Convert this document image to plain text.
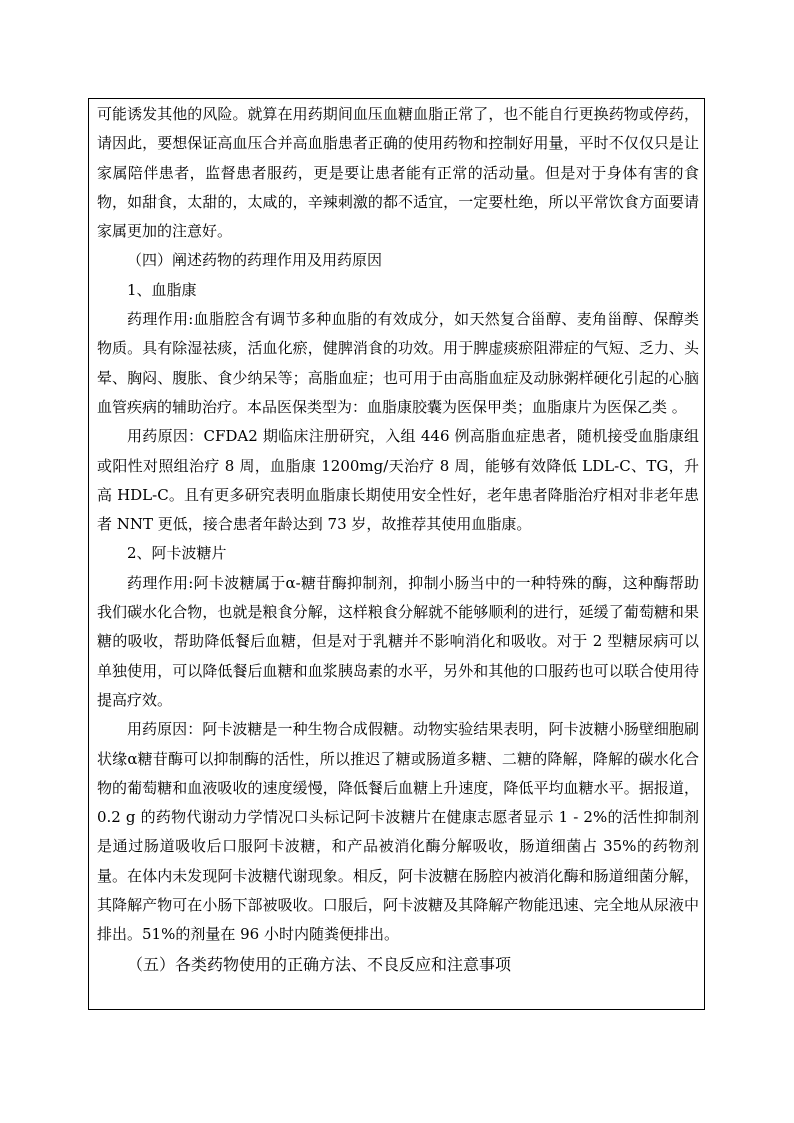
可能诱发其他的风险。就算在用药期间血压血糖血脂正常了，也不能自行更换药物或停药，请因此，要想保证高血压合并高血脂患者正确的使用药物和控制好用量，平时不仅仅只是让家属陪伴患者，监督患者服药，更是要让患者能有正常的活动量。但是对于身体有害的食物，如甜食，太甜的，太咸的，辛辣刺激的都不适宜，一定要杜绝，所以平常饮食方面要请家属更加的注意好。

（四）阐述药物的药理作用及用药原因

1、血脂康

药理作用:血脂腔含有调节多种血脂的有效成分，如天然复合甾醇、麦角甾醇、保醇类物质。具有除湿祛痰，活血化瘀，健脾消食的功效。用于脾虚痰瘀阻滞症的气短、乏力、头晕、胸闷、腹胀、食少纳呆等；高脂血症；也可用于由高脂血症及动脉粥样硬化引起的心脑血管疾病的辅助治疗。本品医保类型为：血脂康胶囊为医保甲类；血脂康片为医保乙类 。

用药原因：CFDA2 期临床注册研究，入组 446 例高脂血症患者，随机接受血脂康组或阳性对照组治疗 8 周，血脂康 1200mg/天治疗 8 周，能够有效降低 LDL-C、TG，升高 HDL-C。且有更多研究表明血脂康长期使用安全性好，老年患者降脂治疗相对非老年患者 NNT 更低，接合患者年龄达到 73 岁，故推荐其使用血脂康。

2、阿卡波糖片

药理作用:阿卡波糖属于α-糖苷酶抑制剂，抑制小肠当中的一种特殊的酶，这种酶帮助我们碳水化合物，也就是粮食分解，这样粮食分解就不能够顺利的进行，延缓了葡萄糖和果糖的吸收，帮助降低餐后血糖，但是对于乳糖并不影响消化和吸收。对于 2 型糖尿病可以单独使用，可以降低餐后血糖和血浆胰岛素的水平，另外和其他的口服药也可以联合使用待提高疗效。

用药原因：阿卡波糖是一种生物合成假糖。动物实验结果表明，阿卡波糖小肠壁细胞刷状缘α糖苷酶可以抑制酶的活性，所以推迟了糖或肠道多糖、二糖的降解，降解的碳水化合物的葡萄糖和血液吸收的速度缓慢，降低餐后血糖上升速度，降低平均血糖水平。据报道，0.2 g 的药物代谢动力学情况口头标记阿卡波糖片在健康志愿者显示 1 - 2%的活性抑制剂是通过肠道吸收后口服阿卡波糖，和产品被消化酶分解吸收，肠道细菌占 35%的药物剂量。在体内未发现阿卡波糖代谢现象。相反，阿卡波糖在肠腔内被消化酶和肠道细菌分解，其降解产物可在小肠下部被吸收。口服后，阿卡波糖及其降解产物能迅速、完全地从尿液中排出。51%的剂量在 96 小时内随粪便排出。

（五）各类药物使用的正确方法、不良反应和注意事项
